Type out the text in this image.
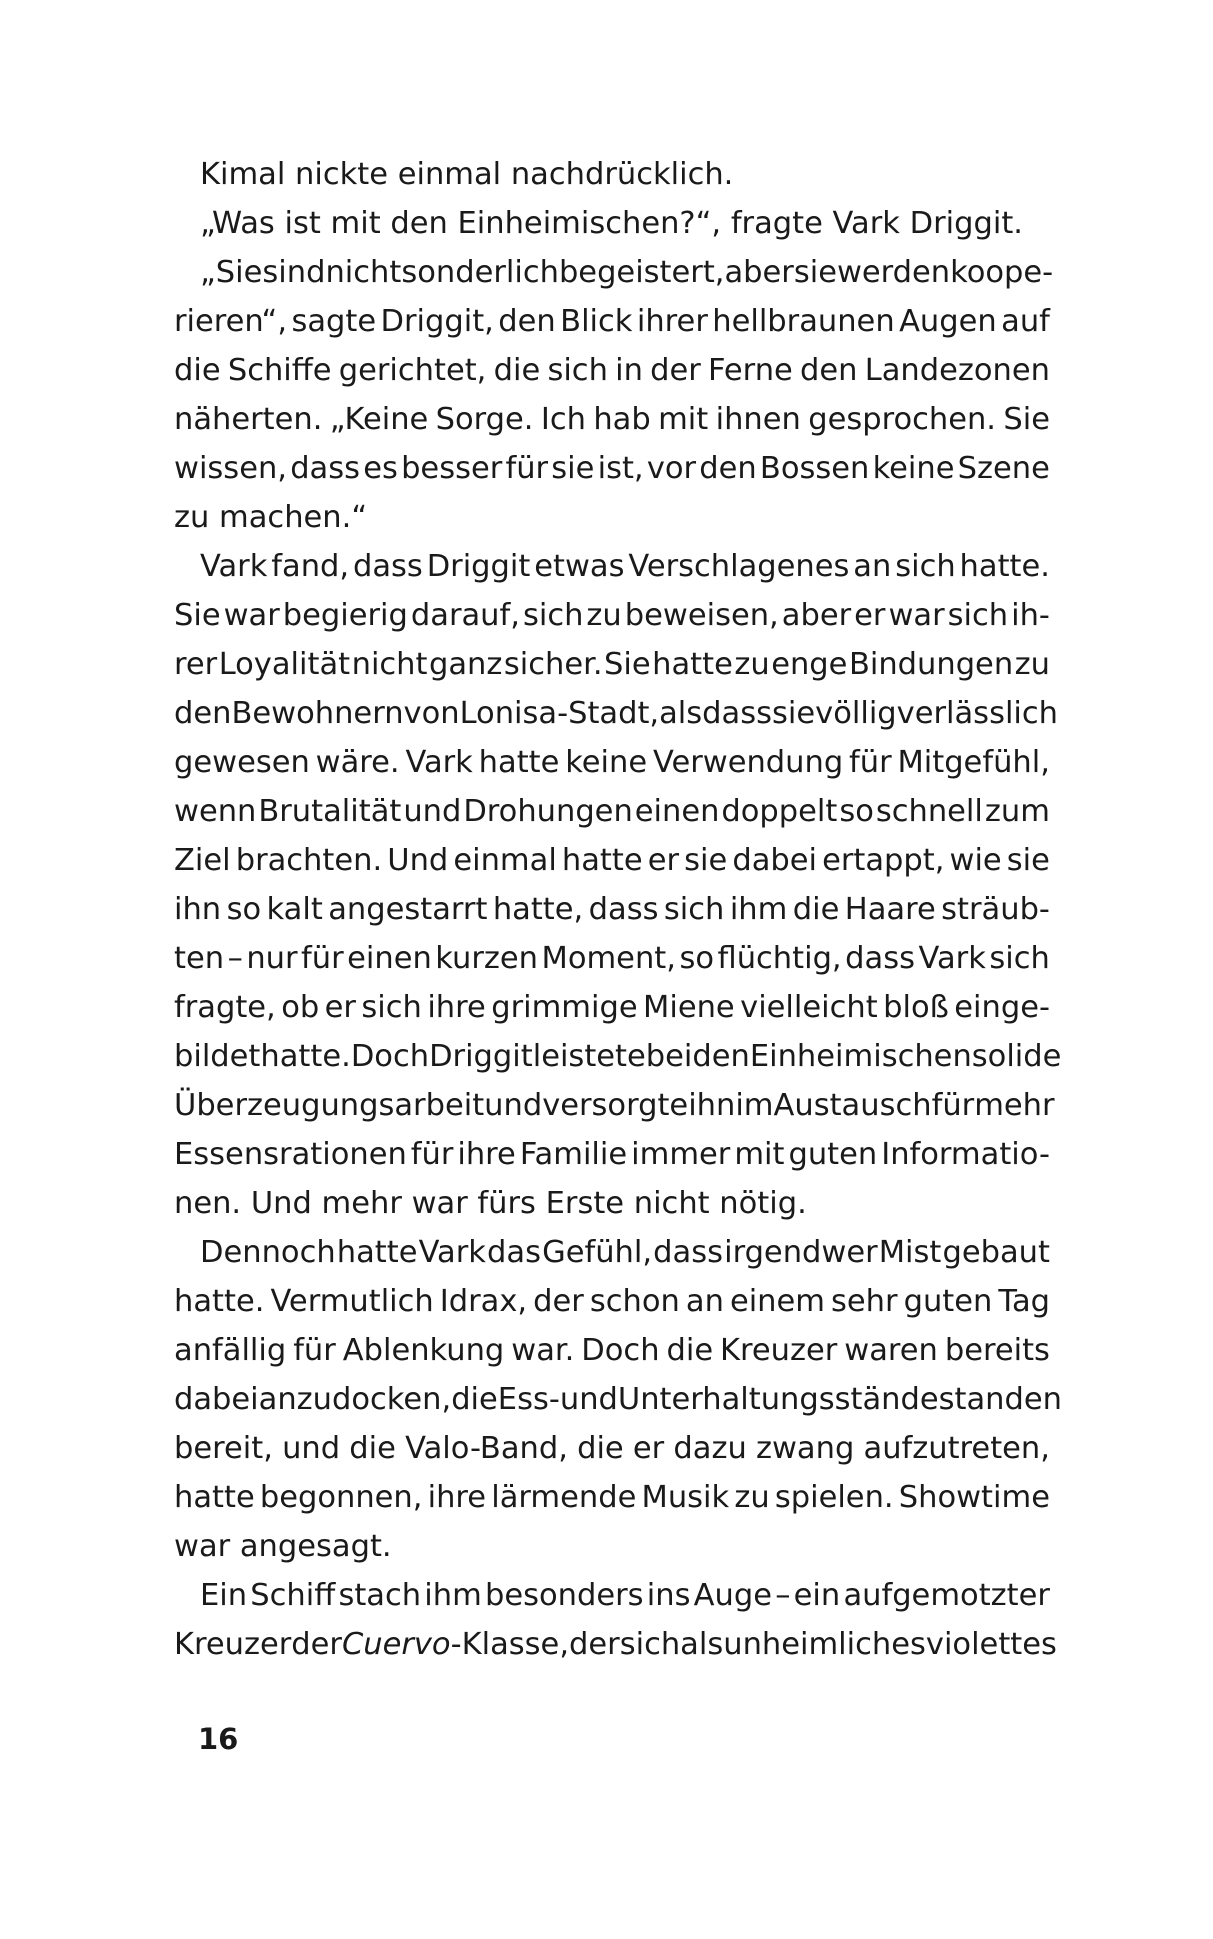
Kimal nickte einmal nachdrücklich.
„Was ist mit den Einheimischen?“, fragte Vark Driggit.
„Sie sind nicht sonderlich begeistert, aber sie werden koope-
rieren“, sagte Driggit, den Blick ihrer hellbraunen Augen auf
die Schiffe gerichtet, die sich in der Ferne den Landezonen
näherten. „Keine Sorge. Ich hab mit ihnen gesprochen. Sie
wissen, dass es besser für sie ist, vor den Bossen keine Szene
zu machen.“
Vark fand, dass Driggit etwas Verschlagenes an sich hatte.
Sie war begierig darauf, sich zu beweisen, aber er war sich ih-
rer Loyalität nicht ganz sicher. Sie hatte zu enge Bindungen zu
den Bewohnern von Lonisa-Stadt, als dass sie völlig verlässlich
gewesen wäre. Vark hatte keine Verwendung für Mitgefühl,
wenn Brutalität und Drohungen einen doppelt so schnell zum
Ziel brachten. Und einmal hatte er sie dabei ertappt, wie sie
ihn so kalt angestarrt hatte, dass sich ihm die Haare sträub-
ten – nur für einen kurzen Moment, so flüchtig, dass Vark sich
fragte, ob er sich ihre grimmige Miene vielleicht bloß einge-
bildet hatte. Doch Driggit leistete bei den Einheimischen solide
Überzeugungsarbeit und versorgte ihn im Austausch für mehr
Essensrationen für ihre Familie immer mit guten Informatio-
nen. Und mehr war fürs Erste nicht nötig.
Dennoch hatte Vark das Gefühl, dass irgendwer Mist gebaut
hatte. Vermutlich Idrax, der schon an einem sehr guten Tag
anfällig für Ablenkung war. Doch die Kreuzer waren bereits
dabei anzudocken, die Ess- und Unterhaltungsstände standen
bereit, und die Valo-Band, die er dazu zwang aufzutreten,
hatte begonnen, ihre lärmende Musik zu spielen. Showtime
war angesagt.
Ein Schiff stach ihm besonders ins Auge – ein aufgemotzter
Kreuzer der Cuervo-Klasse, der sich als unheimliches violettes
16
